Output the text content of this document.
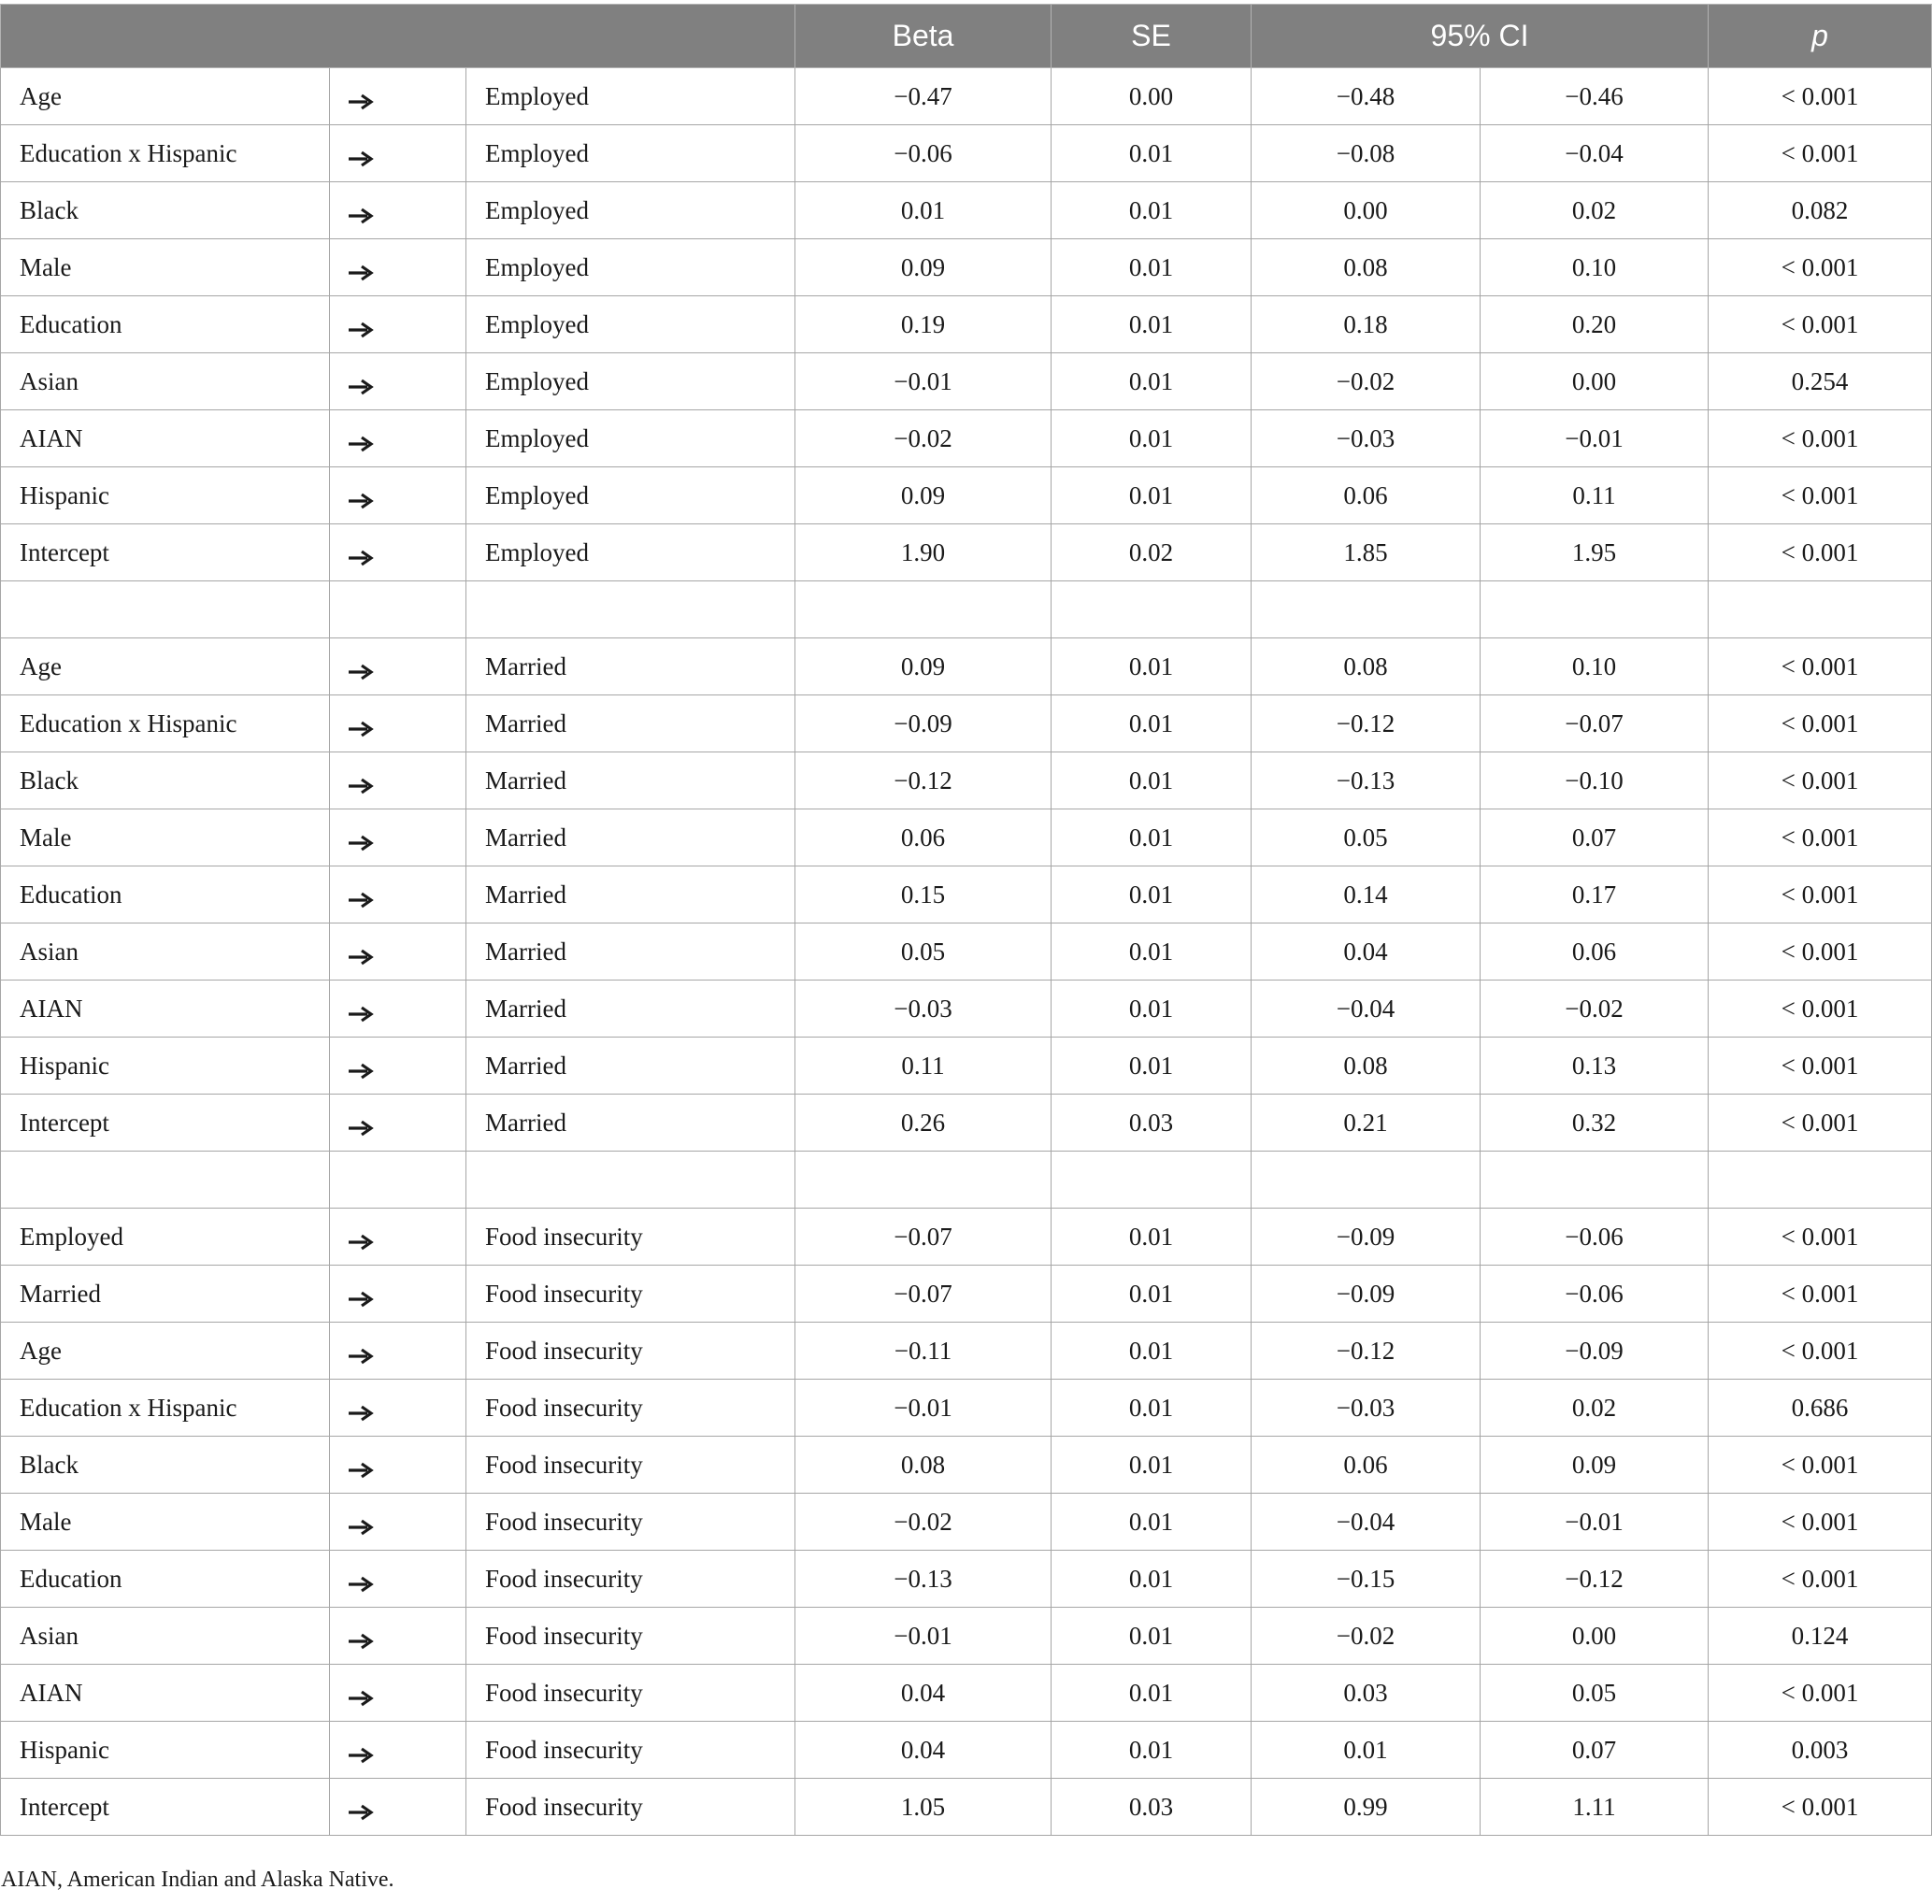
			Beta	SE	95% CI		p
Age		Employed	−0.47	0.00	−0.48	−0.46	< 0.001
Education x Hispanic		Employed	−0.06	0.01	−0.08	−0.04	< 0.001
Black		Employed	0.01	0.01	0.00	0.02	0.082
Male		Employed	0.09	0.01	0.08	0.10	< 0.001
Education		Employed	0.19	0.01	0.18	0.20	< 0.001
Asian		Employed	−0.01	0.01	−0.02	0.00	0.254
AIAN		Employed	−0.02	0.01	−0.03	−0.01	< 0.001
Hispanic		Employed	0.09	0.01	0.06	0.11	< 0.001
Intercept		Employed	1.90	0.02	1.85	1.95	< 0.001

Age		Married	0.09	0.01	0.08	0.10	< 0.001
Education x Hispanic		Married	−0.09	0.01	−0.12	−0.07	< 0.001
Black		Married	−0.12	0.01	−0.13	−0.10	< 0.001
Male		Married	0.06	0.01	0.05	0.07	< 0.001
Education		Married	0.15	0.01	0.14	0.17	< 0.001
Asian		Married	0.05	0.01	0.04	0.06	< 0.001
AIAN		Married	−0.03	0.01	−0.04	−0.02	< 0.001
Hispanic		Married	0.11	0.01	0.08	0.13	< 0.001
Intercept		Married	0.26	0.03	0.21	0.32	< 0.001

Employed		Food insecurity	−0.07	0.01	−0.09	−0.06	< 0.001
Married		Food insecurity	−0.07	0.01	−0.09	−0.06	< 0.001
Age		Food insecurity	−0.11	0.01	−0.12	−0.09	< 0.001
Education x Hispanic		Food insecurity	−0.01	0.01	−0.03	0.02	0.686
Black		Food insecurity	0.08	0.01	0.06	0.09	< 0.001
Male		Food insecurity	−0.02	0.01	−0.04	−0.01	< 0.001
Education		Food insecurity	−0.13	0.01	−0.15	−0.12	< 0.001
Asian		Food insecurity	−0.01	0.01	−0.02	0.00	0.124
AIAN		Food insecurity	0.04	0.01	0.03	0.05	< 0.001
Hispanic		Food insecurity	0.04	0.01	0.01	0.07	0.003
Intercept		Food insecurity	1.05	0.03	0.99	1.11	< 0.001
AIAN, American Indian and Alaska Native.
